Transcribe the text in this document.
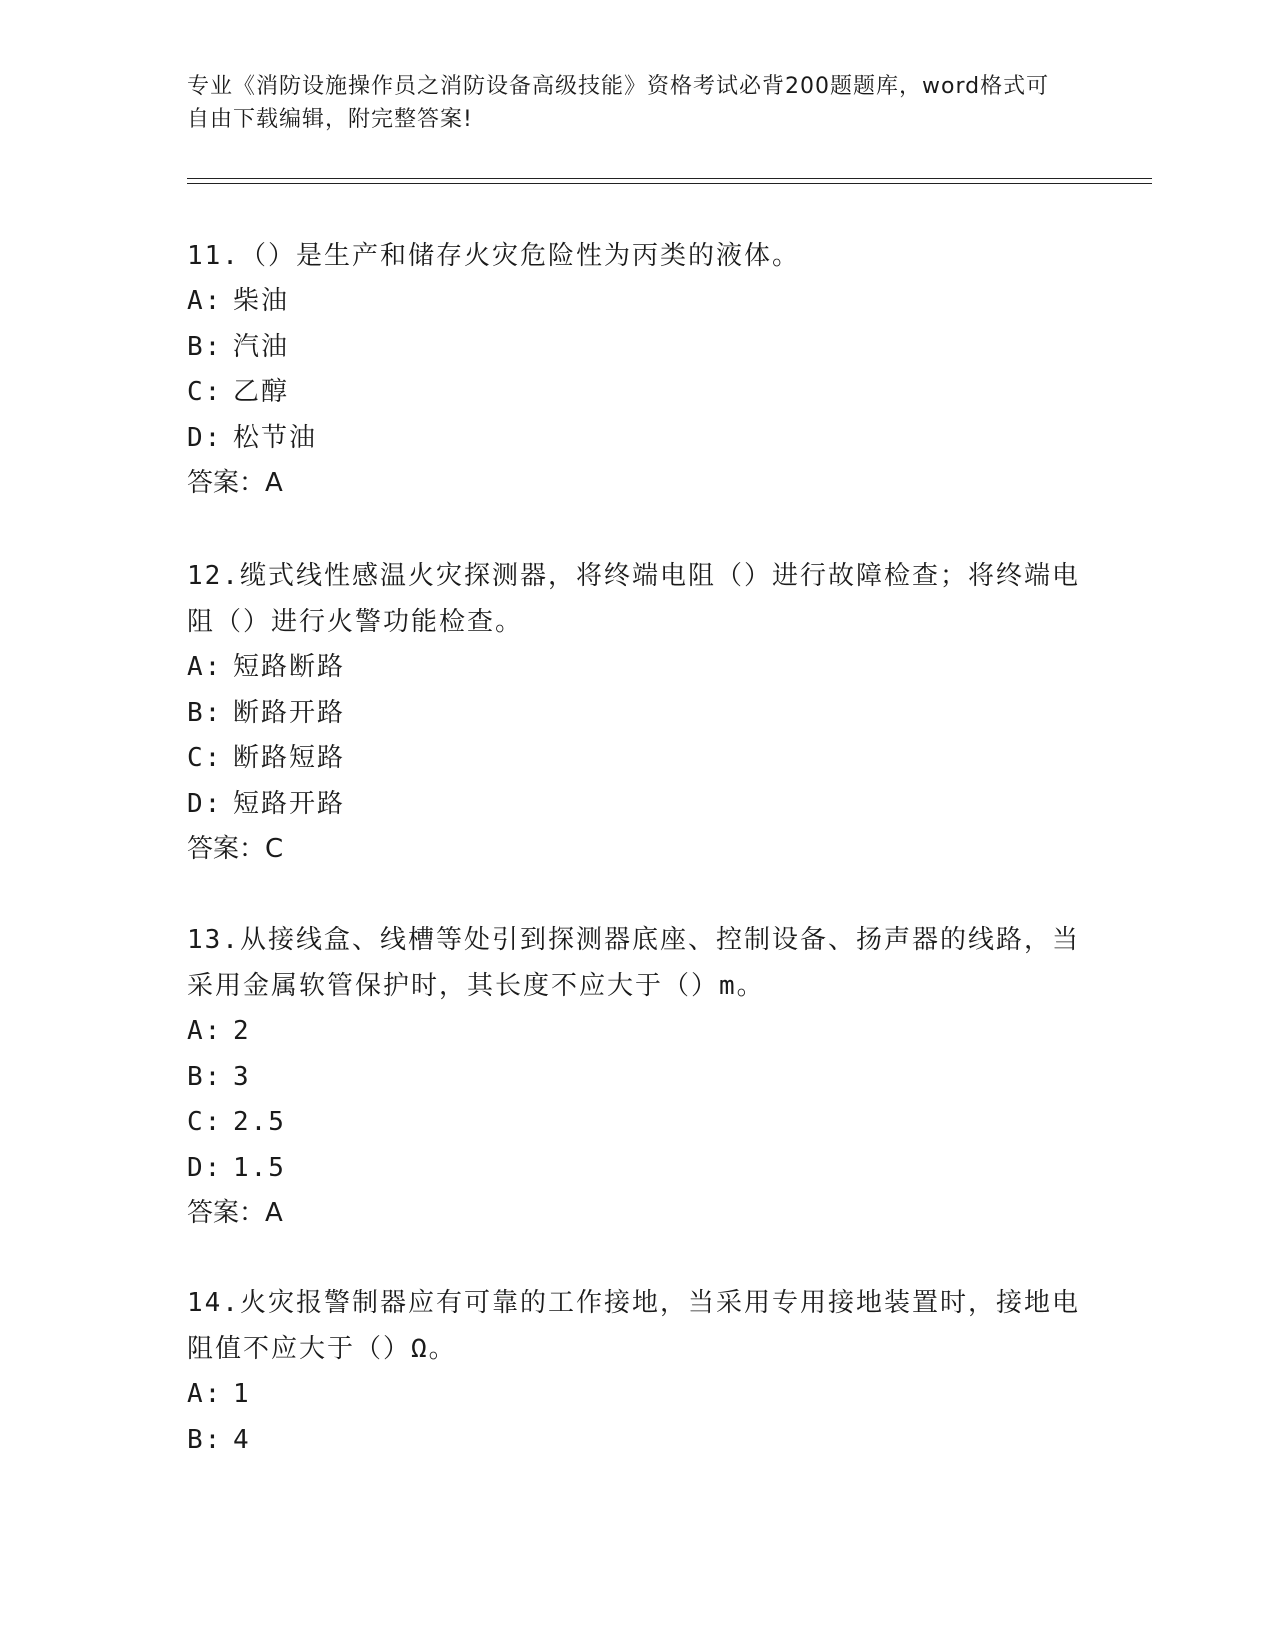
专业《消防设施操作员之消防设备高级技能》资格考试必背200题题库，word格式可自由下载编辑，附完整答案!

11.（）是生产和储存火灾危险性为丙类的液体。

A: 柴油

B: 汽油

C: 乙醇

D: 松节油

答案：A

12.缆式线性感温火灾探测器，将终端电阻（）进行故障检查；将终端电阻（）进行火警功能检查。

A: 短路断路

B: 断路开路

C: 断路短路

D: 短路开路

答案：C

13.从接线盒、线槽等处引到探测器底座、控制设备、扬声器的线路，当采用金属软管保护时，其长度不应大于（）m。

A: 2

B: 3

C: 2.5

D: 1.5

答案：A

14.火灾报警制器应有可靠的工作接地，当采用专用接地装置时，接地电阻值不应大于（）Ω。

A: 1

B: 4
